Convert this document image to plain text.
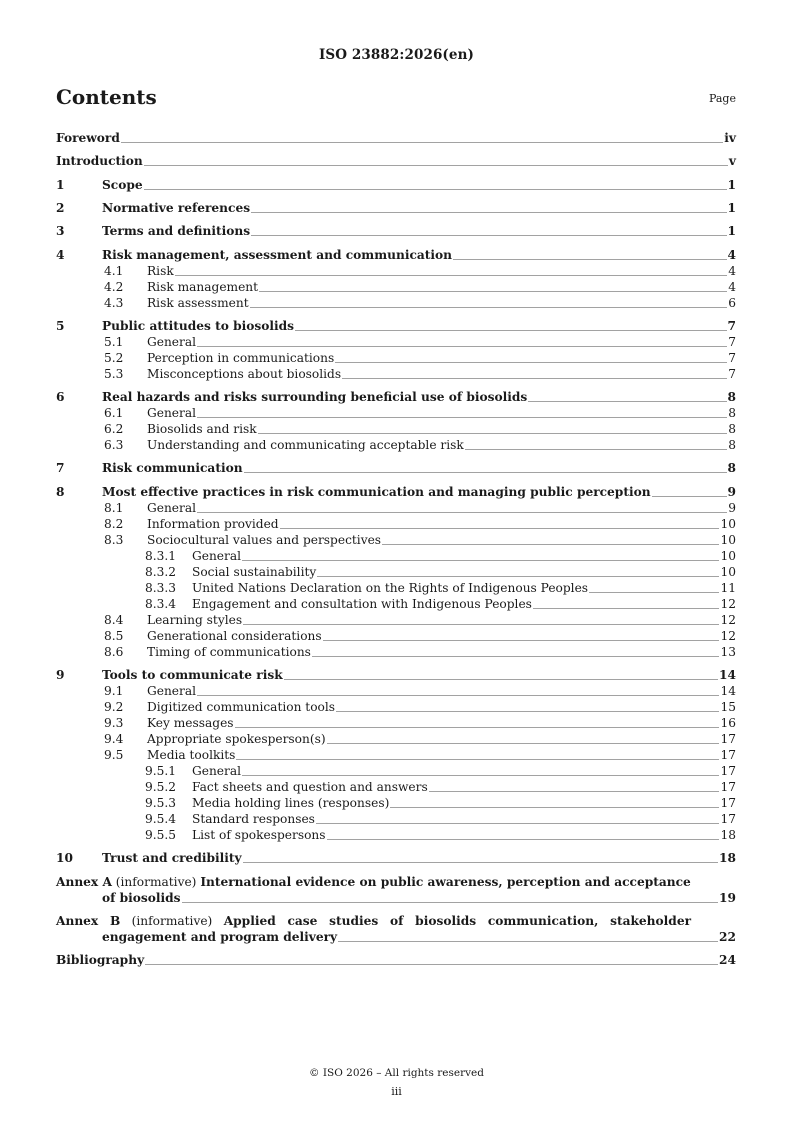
ISO 23882:2026(en)
Contents	Page
Foreword	iv
Introduction	v
1	Scope	1
2	Normative references	1
3	Terms and definitions	1
4	Risk management, assessment and communication	4
4.1	Risk	4
4.2	Risk management	4
4.3	Risk assessment	6
5	Public attitudes to biosolids	7
5.1	General	7
5.2	Perception in communications	7
5.3	Misconceptions about biosolids	7
6	Real hazards and risks surrounding beneficial use of biosolids	8
6.1	General	8
6.2	Biosolids and risk	8
6.3	Understanding and communicating acceptable risk	8
7	Risk communication	8
8	Most effective practices in risk communication and managing public perception	9
8.1	General	9
8.2	Information provided	10
8.3	Sociocultural values and perspectives	10
8.3.1	General	10
8.3.2	Social sustainability	10
8.3.3	United Nations Declaration on the Rights of Indigenous Peoples	11
8.3.4	Engagement and consultation with Indigenous Peoples	12
8.4	Learning styles	12
8.5	Generational considerations	12
8.6	Timing of communications	13
9	Tools to communicate risk	14
9.1	General	14
9.2	Digitized communication tools	15
9.3	Key messages	16
9.4	Appropriate spokesperson(s)	17
9.5	Media toolkits	17
9.5.1	General	17
9.5.2	Fact sheets and question and answers	17
9.5.3	Media holding lines (responses)	17
9.5.4	Standard responses	17
9.5.5	List of spokespersons	18
10	Trust and credibility	18
Annex A (informative) International evidence on public awareness, perception and acceptance
of biosolids	19
Annex B (informative) Applied case studies of biosolids communication, stakeholder
engagement and program delivery	22
Bibliography	24
© ISO 2026 – All rights reserved
iii
